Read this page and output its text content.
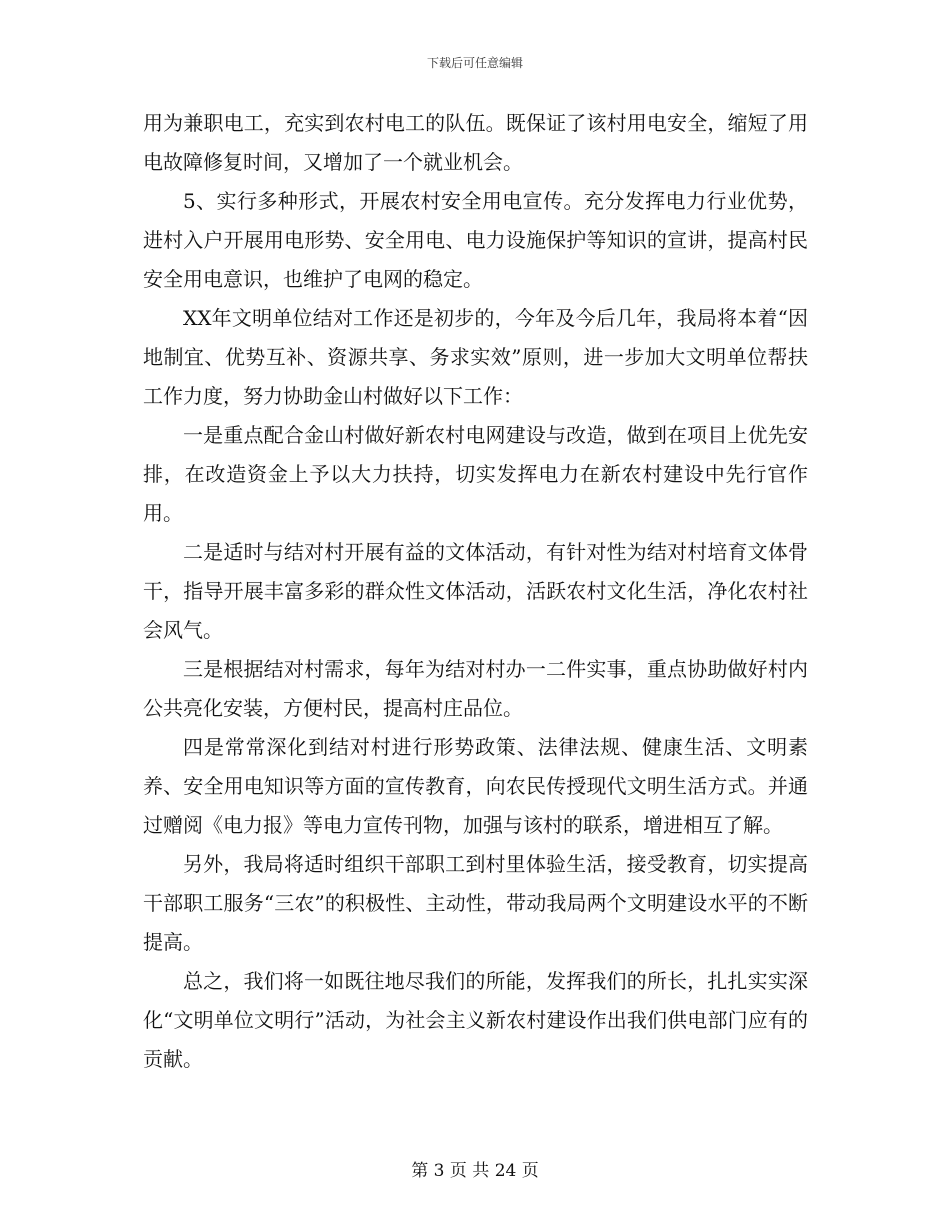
下载后可任意编辑

用为兼职电工，充实到农村电工的队伍。既保证了该村用电安全，缩短了用电故障修复时间，又增加了一个就业机会。

5、实行多种形式，开展农村安全用电宣传。充分发挥电力行业优势，进村入户开展用电形势、安全用电、电力设施保护等知识的宣讲，提高村民安全用电意识，也维护了电网的稳定。

XX年文明单位结对工作还是初步的，今年及今后几年，我局将本着“因地制宜、优势互补、资源共享、务求实效”原则，进一步加大文明单位帮扶工作力度，努力协助金山村做好以下工作：

一是重点配合金山村做好新农村电网建设与改造，做到在项目上优先安排，在改造资金上予以大力扶持，切实发挥电力在新农村建设中先行官作用。

二是适时与结对村开展有益的文体活动，有针对性为结对村培育文体骨干，指导开展丰富多彩的群众性文体活动，活跃农村文化生活，净化农村社会风气。

三是根据结对村需求，每年为结对村办一二件实事，重点协助做好村内公共亮化安装，方便村民，提高村庄品位。

四是常常深化到结对村进行形势政策、法律法规、健康生活、文明素养、安全用电知识等方面的宣传教育，向农民传授现代文明生活方式。并通过赠阅《电力报》等电力宣传刊物，加强与该村的联系，增进相互了解。

另外，我局将适时组织干部职工到村里体验生活，接受教育，切实提高干部职工服务“三农”的积极性、主动性，带动我局两个文明建设水平的不断提高。

总之，我们将一如既往地尽我们的所能，发挥我们的所长，扎扎实实深化“文明单位文明行”活动，为社会主义新农村建设作出我们供电部门应有的贡献。

第 3 页 共 24 页
